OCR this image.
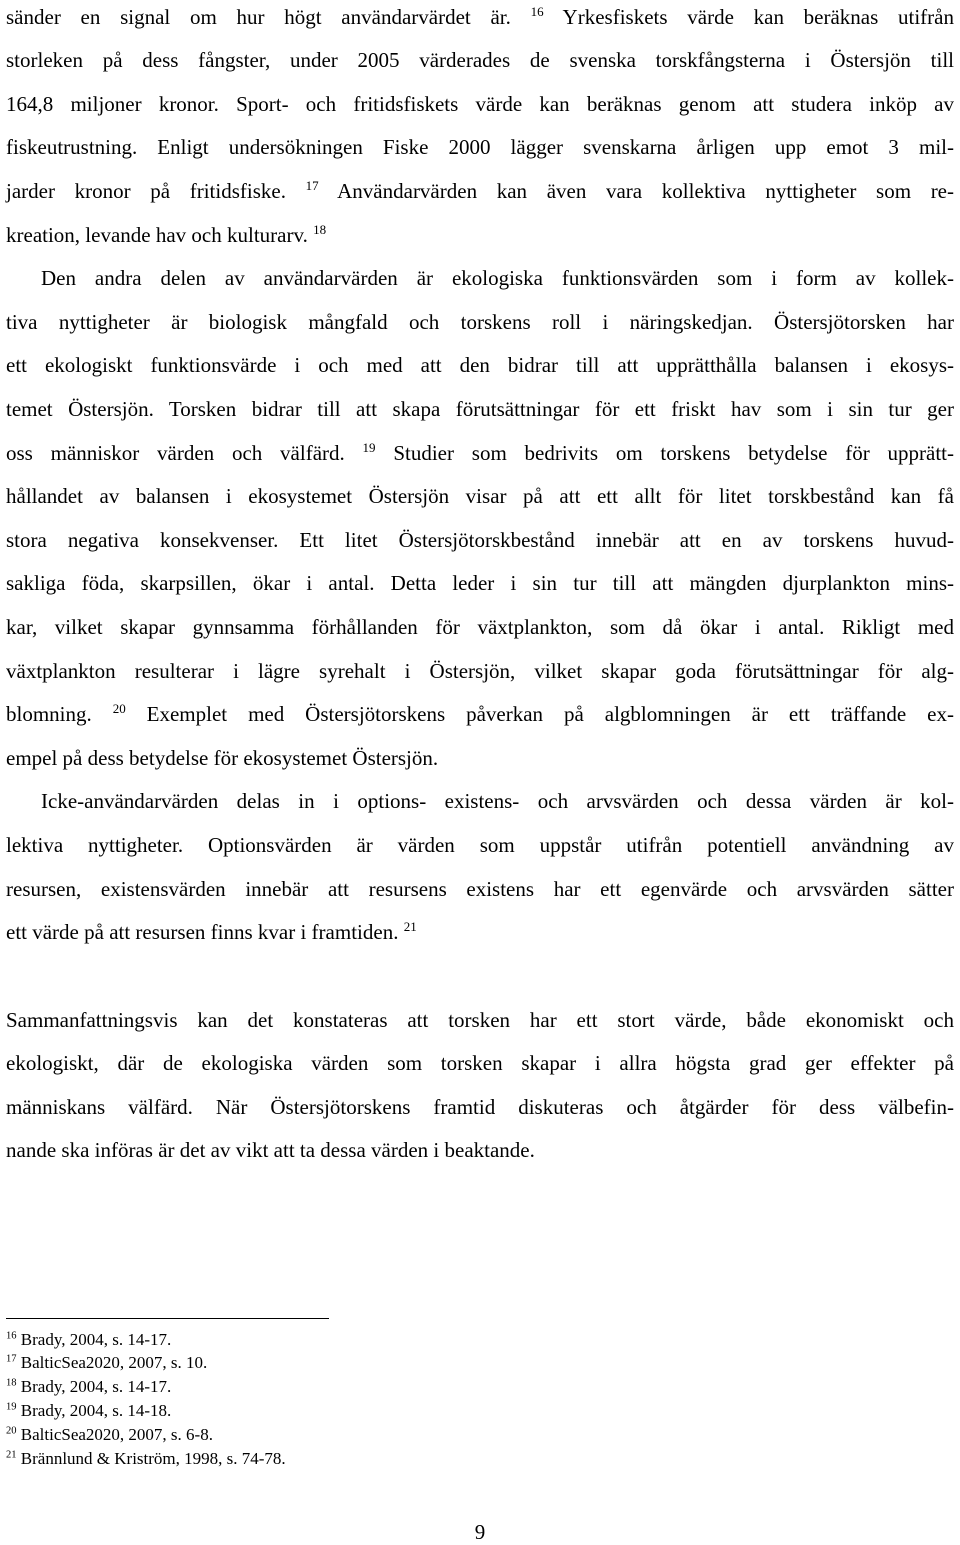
sänder en signal om hur högt användarvärdet är. $^{16}$ Yrkesfiskets värde kan beräknas utifrån
storleken på dess fångster, under 2005 värderades de svenska torskfångsterna i Östersjön till
164,8 miljoner kronor. Sport- och fritidsfiskets värde kan beräknas genom att studera inköp av
fiskeutrustning. Enligt undersökningen Fiske 2000 lägger svenskarna årligen upp emot 3 mil-
jarder kronor på fritidsfiske. $^{17}$ Användarvärden kan även vara kollektiva nyttigheter som re-
kreation, levande hav och kulturarv. $^{18}$
Den andra delen av användarvärden är ekologiska funktionsvärden som i form av kollek-
tiva nyttigheter är biologisk mångfald och torskens roll i näringskedjan. Östersjötorsken har
ett ekologiskt funktionsvärde i och med att den bidrar till att upprätthålla balansen i ekosys-
temet Östersjön. Torsken bidrar till att skapa förutsättningar för ett friskt hav som i sin tur ger
oss människor värden och välfärd. $^{19}$ Studier som bedrivits om torskens betydelse för upprätt-
hållandet av balansen i ekosystemet Östersjön visar på att ett allt för litet torskbestånd kan få
stora negativa konsekvenser. Ett litet Östersjötorskbestånd innebär att en av torskens huvud-
sakliga föda, skarpsillen, ökar i antal. Detta leder i sin tur till att mängden djurplankton mins-
kar, vilket skapar gynnsamma förhållanden för växtplankton, som då ökar i antal. Rikligt med
växtplankton resulterar i lägre syrehalt i Östersjön, vilket skapar goda förutsättningar för alg-
blomning. $^{20}$ Exemplet med Östersjötorskens påverkan på algblomningen är ett träffande ex-
empel på dess betydelse för ekosystemet Östersjön.
Icke-användarvärden delas in i options- existens- och arvsvärden och dessa värden är kol-
lektiva nyttigheter. Optionsvärden är värden som uppstår utifrån potentiell användning av
resursen, existensvärden innebär att resursens existens har ett egenvärde och arvsvärden sätter
ett värde på att resursen finns kvar i framtiden. $^{21}$
Sammanfattningsvis kan det konstateras att torsken har ett stort värde, både ekonomiskt och
ekologiskt, där de ekologiska värden som torsken skapar i allra högsta grad ger effekter på
människans välfärd. När Östersjötorskens framtid diskuteras och åtgärder för dess välbefin-
nande ska införas är det av vikt att ta dessa värden i beaktande.
$^{16}$ Brady, 2004, s. 14-17.
$^{17}$ BalticSea2020, 2007, s. 10.
$^{18}$ Brady, 2004, s. 14-17.
$^{19}$ Brady, 2004, s. 14-18.
$^{20}$ BalticSea2020, 2007, s. 6-8.
$^{21}$ Brännlund & Kriström, 1998, s. 74-78.
9
